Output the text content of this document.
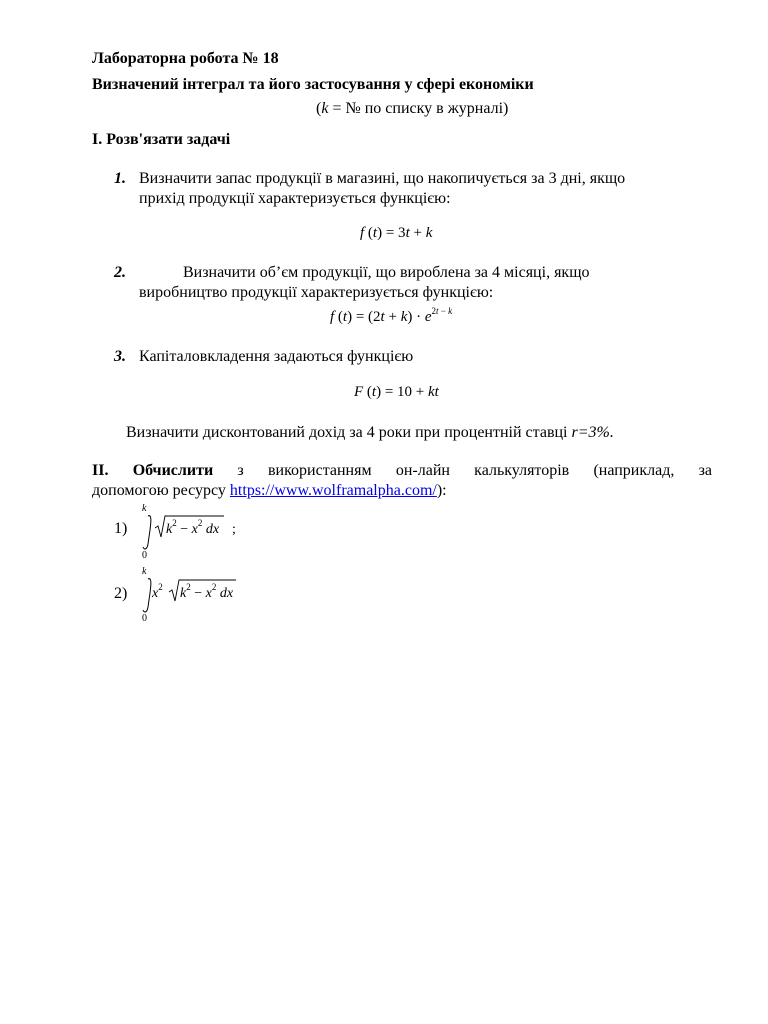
Лабораторна робота № 18
Визначений інтеграл та його застосування у сфері економіки
(k = № по списку в журналі)
I. Розв'язати задачі
1. Визначити запас продукції в магазині, що накопичується за 3 дні, якщо
прихід продукції характеризується функцією:
f (t) = 3t + k
2.	Визначити об’єм продукції, що вироблена за 4 місяці, якщо
виробництво продукції характеризується функцією:
f $(t) = (2t + k) \cdot e^{2t - k}$
3. Капіталовкладення задаються функцією
F (t) = 10 + kt
Визначити дисконтований дохід за 4 роки при процентній ставці r=3%.
II. Обчислити з використанням он-лайн калькуляторів (наприклад, за
допомогою ресурсу https://www.wolframalpha.com/):
1)
k
0
$k^2 - x^2$ dx ;
2)
k
0
$x^2$ $k^2 - x^2$ dx
